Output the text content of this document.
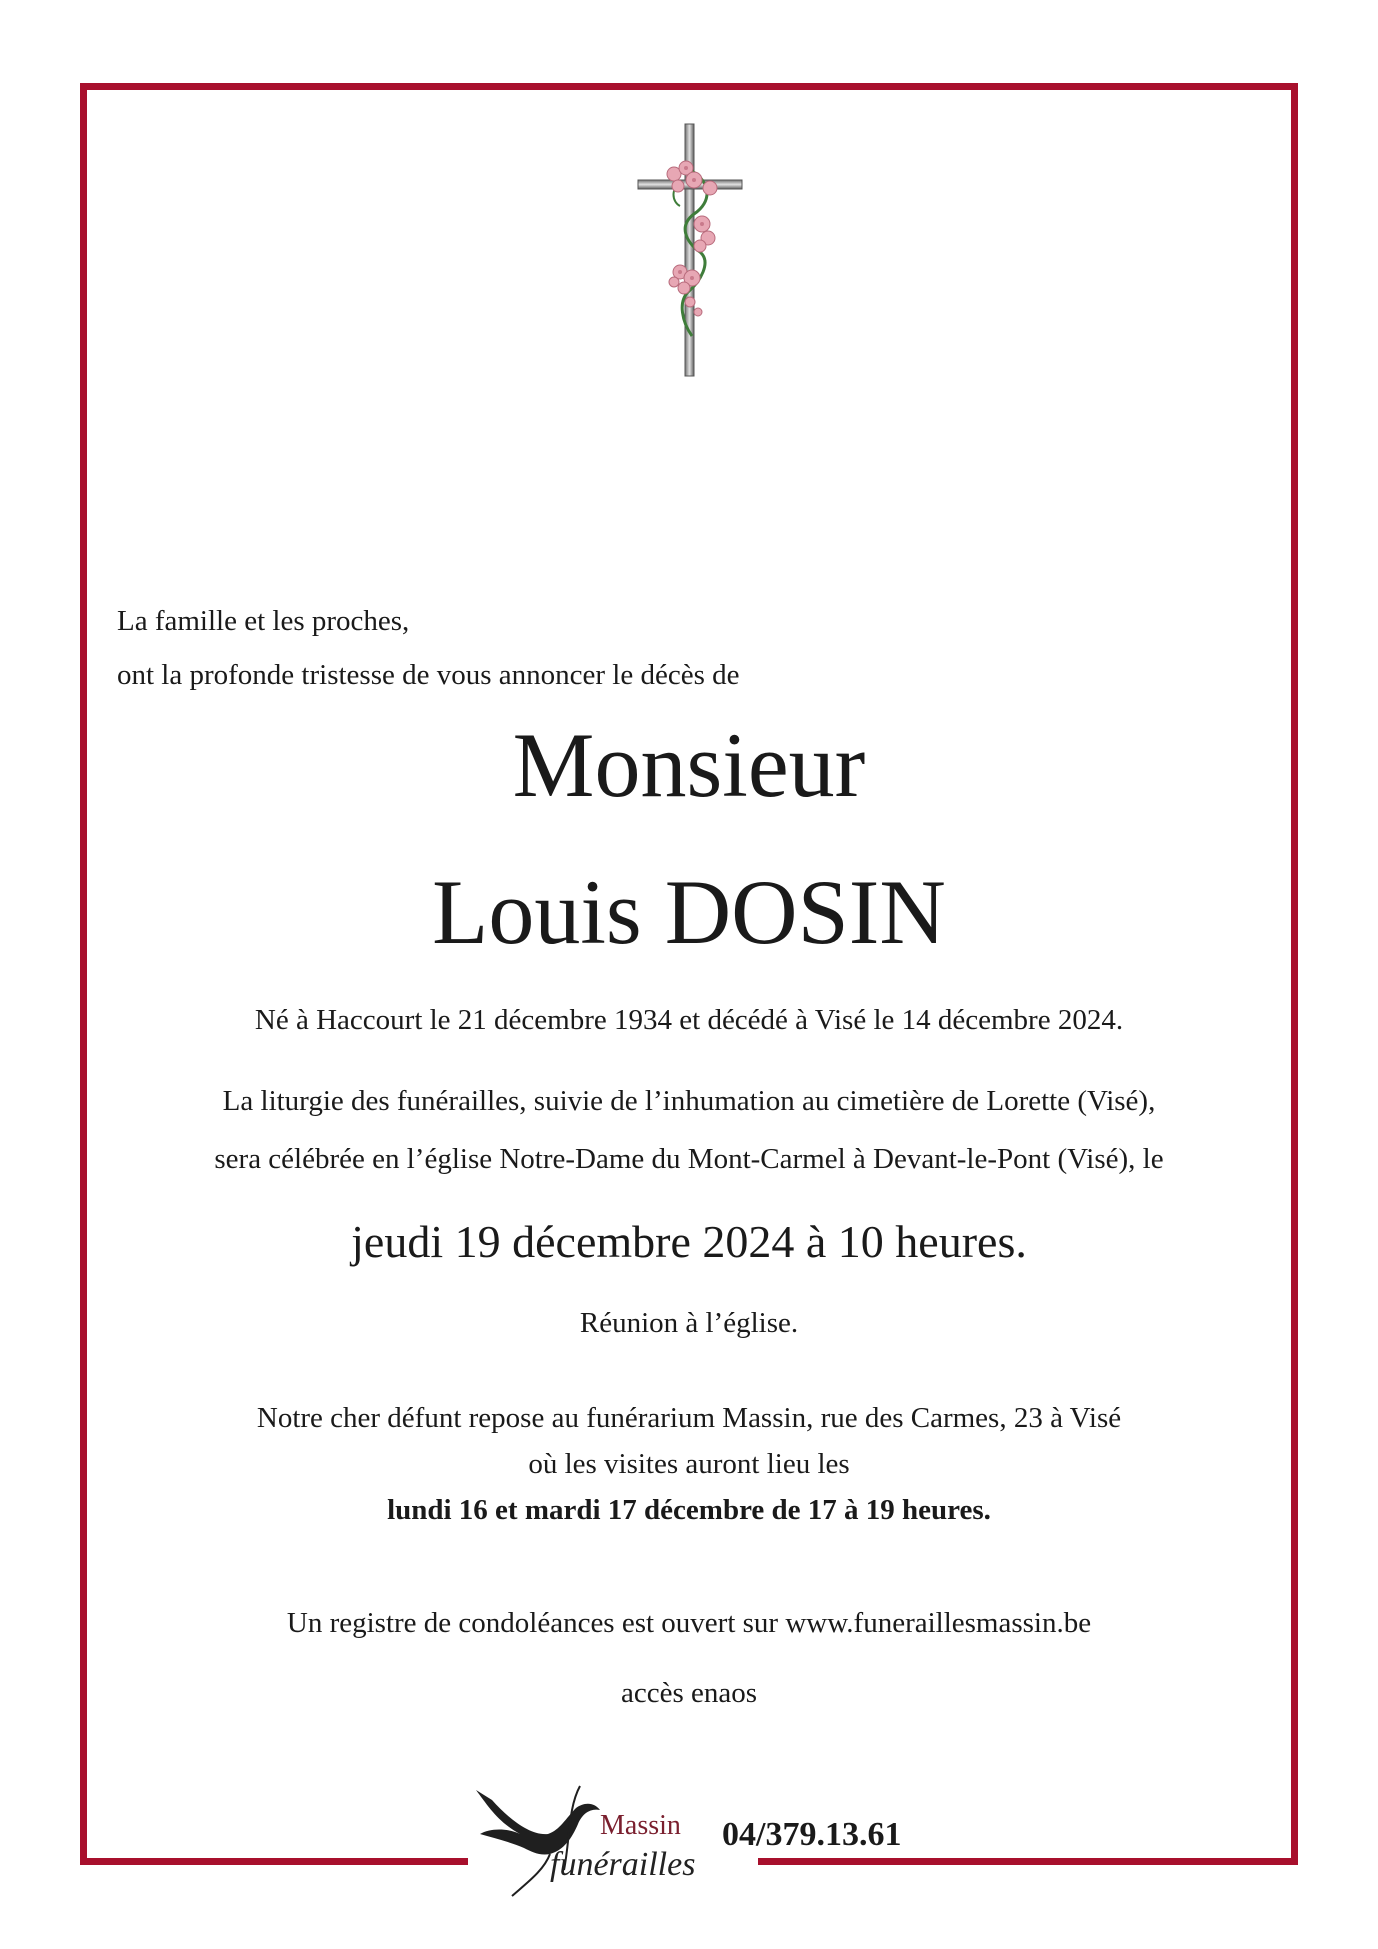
La famille et les proches,
ont la profonde tristesse de vous annoncer le décès de
Monsieur
Louis DOSIN
Né à Haccourt le 21 décembre 1934 et décédé à Visé le 14 décembre 2024.
La liturgie des funérailles, suivie de l’inhumation au cimetière de Lorette (Visé),
sera célébrée en l’église Notre-Dame du Mont-Carmel à Devant-le-Pont (Visé), le
jeudi 19 décembre 2024 à 10 heures.
Réunion à l’église.
Notre cher défunt repose au funérarium Massin, rue des Carmes, 23 à Visé
où les visites auront lieu les
lundi 16 et mardi 17 décembre de 17 à 19 heures.
Un registre de condoléances est ouvert sur www.funeraillesmassin.be
accès enaos
Massin
funérailles
04/379.13.61
